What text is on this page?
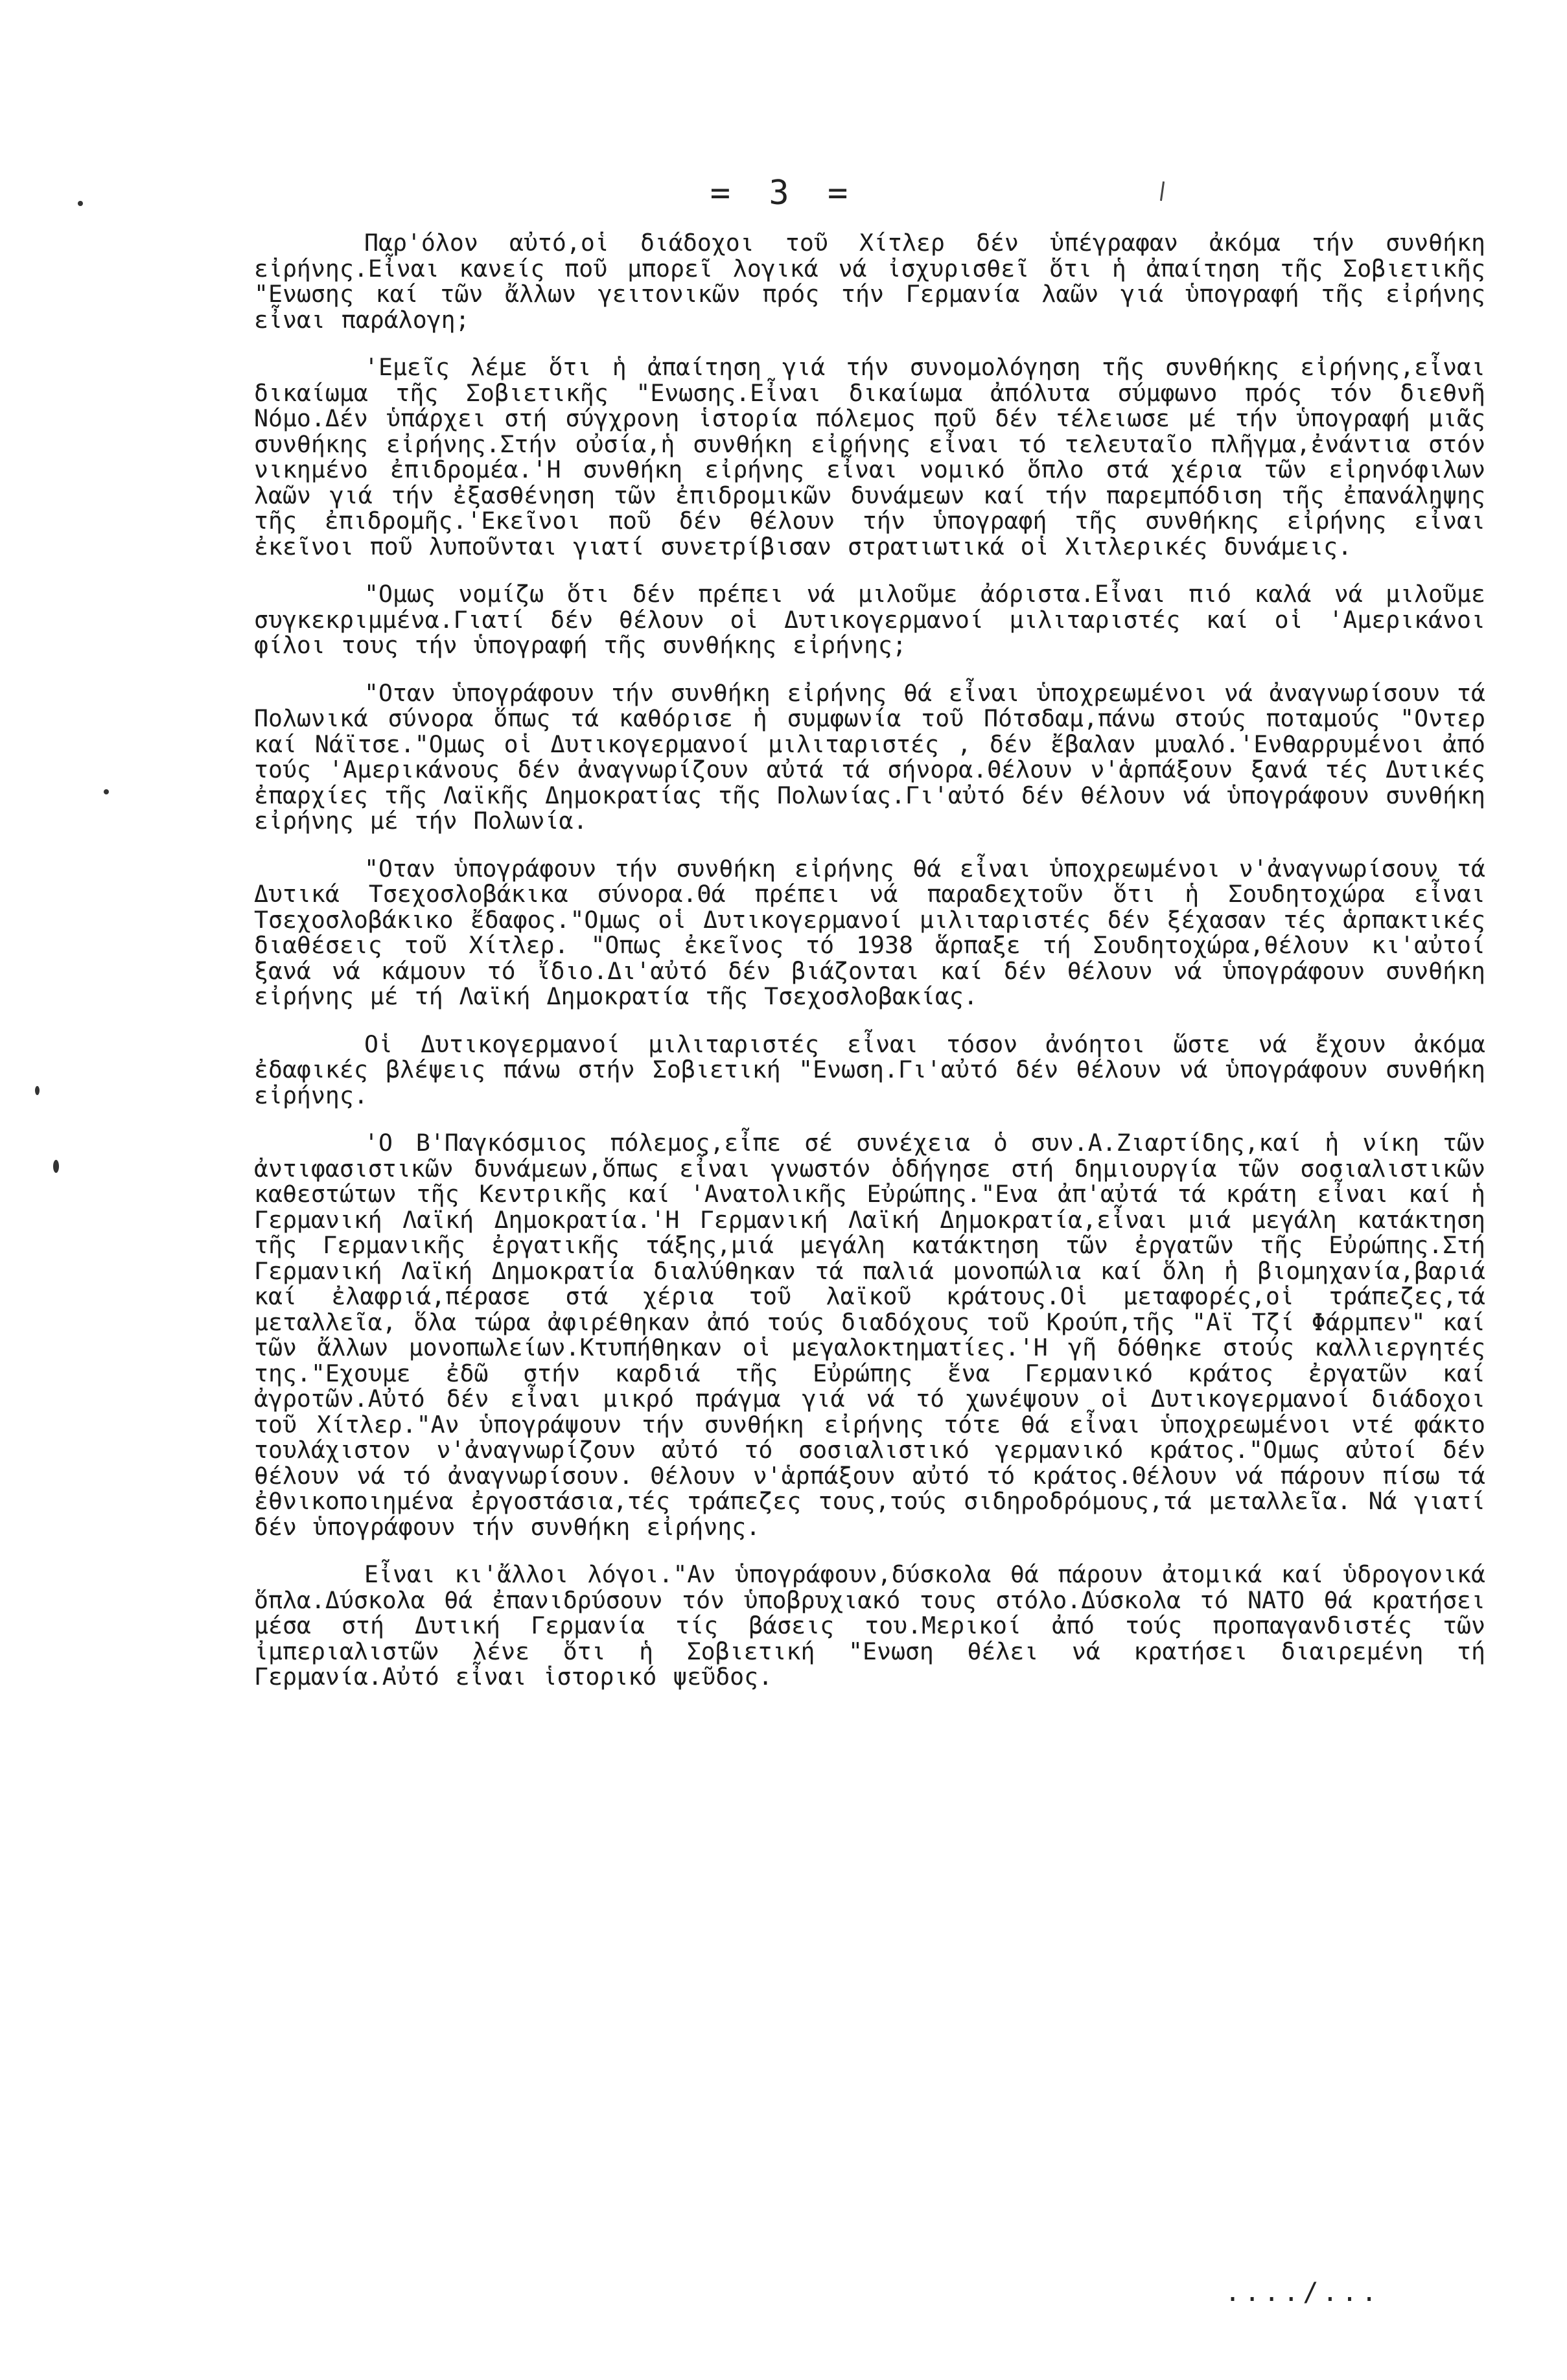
= 3 =

Παρ'όλον αὐτό,οἱ διάδοχοι τοῦ Χίτλερ δέν ὑπέγραφαν ἀκόμα τήν συνθήκη εἰρήνης.Εἶναι κανείς ποῦ μπορεῖ λογικά νά ἰσχυρισθεῖ ὅτι ἡ ἀπαίτηση τῆς Σοβιετικῆς "Ενωσης καί τῶν ἄλλων γειτονικῶν πρός τήν Γερμανία λαῶν γιά ὑπογραφή τῆς εἰρήνης εἶναι παράλογη;

'Εμεῖς λέμε ὅτι ἡ ἀπαίτηση γιά τήν συνομολόγηση τῆς συνθήκης εἰρήνης,εἶναι δικαίωμα τῆς Σοβιετικῆς "Ενωσης.Εἶναι δικαίωμα ἀπόλυτα σύμφωνο πρός τόν διεθνῆ Νόμο.Δέν ὑπάρχει στή σύγχρονη ἱστορία πόλεμος ποῦ δέν τέλειωσε μέ τήν ὑπογραφή μιᾶς συνθήκης εἰρήνης.Στήν οὐσία,ἡ συνθήκη εἰρήνης εἶναι τό τελευταῖο πλῆγμα,ἐνάντια στόν νικημένο ἐπιδρομέα.'Η συνθήκη εἰρήνης εἶναι νομικό ὅπλο στά χέρια τῶν εἰρηνόφιλων λαῶν γιά τήν ἐξασθένηση τῶν ἐπιδρομικῶν δυνάμεων καί τήν παρεμπόδιση τῆς ἐπανάληψης τῆς ἐπιδρομῆς.'Εκεῖνοι ποῦ δέν θέλουν τήν ὑπογραφή τῆς συνθήκης εἰρήνης εἶναι ἐκεῖνοι ποῦ λυποῦνται γιατί συνετρίβισαν στρατιωτικά οἱ Χιτλερικές δυνάμεις.

"Ομως νομίζω ὅτι δέν πρέπει νά μιλοῦμε ἀόριστα.Εἶναι πιό καλά νά μιλοῦμε συγκεκριμμένα.Γιατί δέν θέλουν οἱ Δυτικογερμανοί μιλιταριστές καί οἱ 'Αμερικάνοι φίλοι τους τήν ὑπογραφή τῆς συνθήκης εἰρήνης;

"Οταν ὑπογράφουν τήν συνθήκη εἰρήνης θά εἶναι ὑποχρεωμένοι νά ἀναγνωρίσουν τά Πολωνικά σύνορα ὅπως τά καθόρισε ἡ συμφωνία τοῦ Πότσδαμ,πάνω στούς ποταμούς "Οντερ καί Νάϊτσε."Ομως οἱ Δυτικογερμανοί μιλιταριστές , δέν ἔβαλαν μυαλό.'Ενθαρρυμένοι ἀπό τούς 'Αμερικάνους δέν ἀναγνωρίζουν αὐτά τά σήνορα.Θέλουν ν'ἁρπάξουν ξανά τές Δυτικές ἐπαρχίες τῆς Λαϊκῆς Δημοκρατίας τῆς Πολωνίας.Γι'αὐτό δέν θέλουν νά ὑπογράφουν συνθήκη εἰρήνης μέ τήν Πολωνία.

"Οταν ὑπογράφουν τήν συνθήκη εἰρήνης θά εἶναι ὑποχρεωμένοι ν'ἀναγνωρίσουν τά Δυτικά Τσεχοσλοβάκικα σύνορα.Θά πρέπει νά παραδεχτοῦν ὅτι ἡ Σουδητοχώρα εἶναι Τσεχοσλοβάκικο ἔδαφος."Ομως οἱ Δυτικογερμανοί μιλιταριστές δέν ξέχασαν τές ἁρπακτικές διαθέσεις τοῦ Χίτλερ. "Οπως ἐκεῖνος τό 1938 ἅρπαξε τή Σουδητοχώρα,θέλουν κι'αὐτοί ξανά νά κάμουν τό ἴδιο.Δι'αὐτό δέν βιάζονται καί δέν θέλουν νά ὑπογράφουν συνθήκη εἰρήνης μέ τή Λαϊκή Δημοκρατία τῆς Τσεχοσλοβακίας.

Οἱ Δυτικογερμανοί μιλιταριστές εἶναι τόσον ἀνόητοι ὥστε νά ἔχουν ἀκόμα ἐδαφικές βλέψεις πάνω στήν Σοβιετική "Ενωση.Γι'αὐτό δέν θέλουν νά ὑπογράφουν συνθήκη εἰρήνης.

'Ο Β'Παγκόσμιος πόλεμος,εἶπε σέ συνέχεια ὁ συν.Α.Ζιαρτίδης,καί ἡ νίκη τῶν ἀντιφασιστικῶν δυνάμεων,ὅπως εἶναι γνωστόν ὁδήγησε στή δημιουργία τῶν σοσιαλιστικῶν καθεστώτων τῆς Κεντρικῆς καί 'Ανατολικῆς Εὐρώπης."Ενα ἀπ'αὐτά τά κράτη εἶναι καί ἡ Γερμανική Λαϊκή Δημοκρατία.'Η Γερμανική Λαϊκή Δημοκρατία,εἶναι μιά μεγάλη κατάκτηση τῆς Γερμανικῆς ἐργατικῆς τάξης,μιά μεγάλη κατάκτηση τῶν ἐργατῶν τῆς Εὐρώπης.Στή Γερμανική Λαϊκή Δημοκρατία διαλύθηκαν τά παλιά μονοπώλια καί ὅλη ἡ βιομηχανία,βαριά καί ἐλαφριά,πέρασε στά χέρια τοῦ λαϊκοῦ κράτους.Οἱ μεταφορές,οἱ τράπεζες,τά μεταλλεῖα, ὅλα τώρα ἀφιρέθηκαν ἀπό τούς διαδόχους τοῦ Κρούπ,τῆς "Αϊ Τζί Φάρμπεν" καί τῶν ἄλλων μονοπωλείων.Κτυπήθηκαν οἱ μεγαλοκτηματίες.'Η γῆ δόθηκε στούς καλλιεργητές της."Εχουμε ἐδῶ στήν καρδιά τῆς Εὐρώπης ἕνα Γερμανικό κράτος ἐργατῶν καί ἀγροτῶν.Αὐτό δέν εἶναι μικρό πράγμα γιά νά τό χωνέψουν οἱ Δυτικογερμανοί διάδοχοι τοῦ Χίτλερ."Αν ὑπογράψουν τήν συνθήκη εἰρήνης τότε θά εἶναι ὑποχρεωμένοι ντέ φάκτο τουλάχιστον ν'ἀναγνωρίζουν αὐτό τό σοσιαλιστικό γερμανικό κράτος."Ομως αὐτοί δέν θέλουν νά τό ἀναγνωρίσουν. Θέλουν ν'ἁρπάξουν αὐτό τό κράτος.Θέλουν νά πάρουν πίσω τά ἐθνικοποιημένα ἐργοστάσια,τές τράπεζες τους,τούς σιδηροδρόμους,τά μεταλλεῖα. Νά γιατί δέν ὑπογράφουν τήν συνθήκη εἰρήνης.

Εἶναι κι'ἄλλοι λόγοι."Αν ὑπογράφουν,δύσκολα θά πάρουν ἀτομικά καί ὑδρογονικά ὅπλα.Δύσκολα θά ἐπανιδρύσουν τόν ὑποβρυχιακό τους στόλο.Δύσκολα τό ΝΑΤΟ θά κρατήσει μέσα στή Δυτική Γερμανία τίς βάσεις του.Μερικοί ἀπό τούς προπαγανδιστές τῶν ἰμπεριαλιστῶν λένε ὅτι ἡ Σοβιετική "Ενωση θέλει νά κρατήσει διαιρεμένη τή Γερμανία.Αὐτό εἶναι ἱστορικό ψεῦδος.

..../...
